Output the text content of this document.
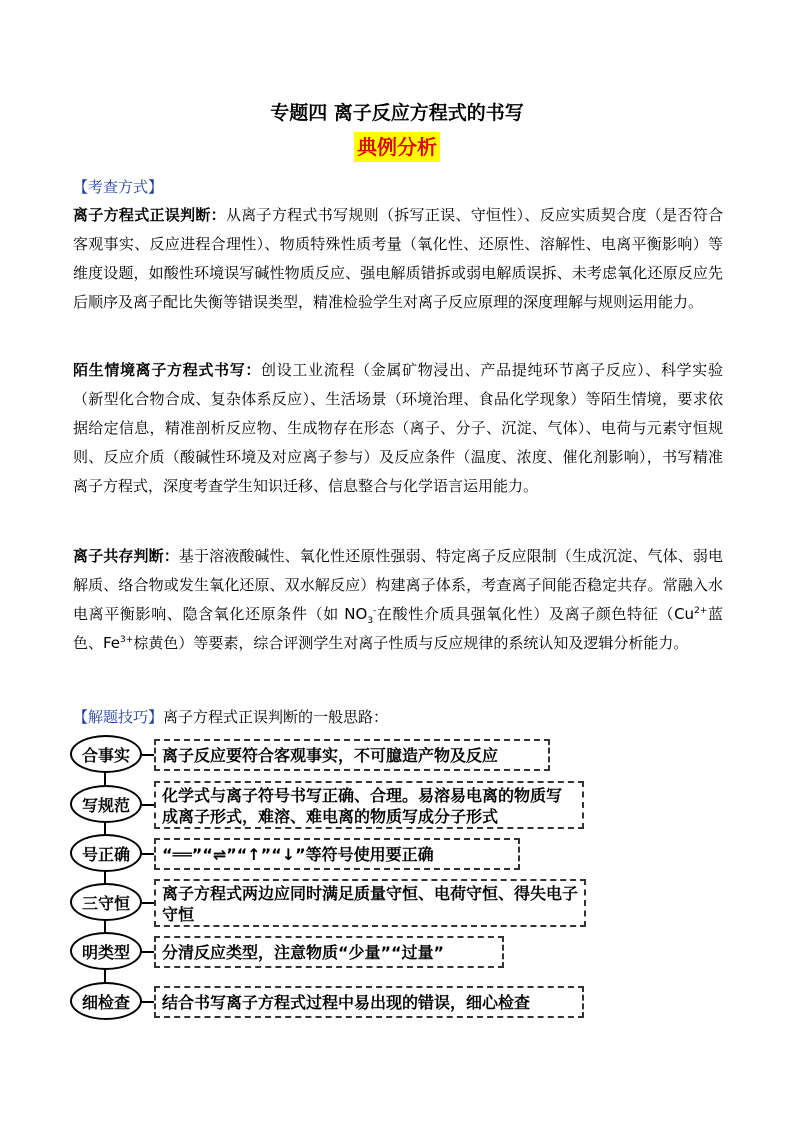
专题四 离子反应方程式的书写
典例分析
【考查方式】
离子方程式正误判断：从离子方程式书写规则（拆写正误、守恒性）、反应实质契合度（是否符合客观事实、反应进程合理性）、物质特殊性质考量（氧化性、还原性、溶解性、电离平衡影响）等维度设题，如酸性环境误写碱性物质反应、强电解质错拆或弱电解质误拆、未考虑氧化还原反应先后顺序及离子配比失衡等错误类型，精准检验学生对离子反应原理的深度理解与规则运用能力。
陌生情境离子方程式书写：创设工业流程（金属矿物浸出、产品提纯环节离子反应）、科学实验（新型化合物合成、复杂体系反应）、生活场景（环境治理、食品化学现象）等陌生情境，要求依据给定信息，精准剖析反应物、生成物存在形态（离子、分子、沉淀、气体）、电荷与元素守恒规则、反应介质（酸碱性环境及对应离子参与）及反应条件（温度、浓度、催化剂影响），书写精准离子方程式，深度考查学生知识迁移、信息整合与化学语言运用能力。
离子共存判断：基于溶液酸碱性、氧化性还原性强弱、特定离子反应限制（生成沉淀、气体、弱电解质、络合物或发生氧化还原、双水解反应）构建离子体系，考查离子间能否稳定共存。常融入水电离平衡影响、隐含氧化还原条件（如 $NO_3^-$在酸性介质具强氧化性）及离子颜色特征（$Cu^{2+}$蓝色、$Fe^{3+}$棕黄色）等要素，综合评测学生对离子性质与反应规律的系统认知及逻辑分析能力。
【解题技巧】离子方程式正误判断的一般思路：
合事实	离子反应要符合客观事实，不可臆造产物及反应
写规范	化学式与离子符号书写正确、合理。易溶易电离的物质写成离子形式，难溶、难电离的物质写成分子形式
号正确	“══”“⇌”“↑”“↓”等符号使用要正确
三守恒	离子方程式两边应同时满足质量守恒、电荷守恒、得失电子守恒
明类型	分清反应类型，注意物质“少量”“过量”
细检查	结合书写离子方程式过程中易出现的错误，细心检查
